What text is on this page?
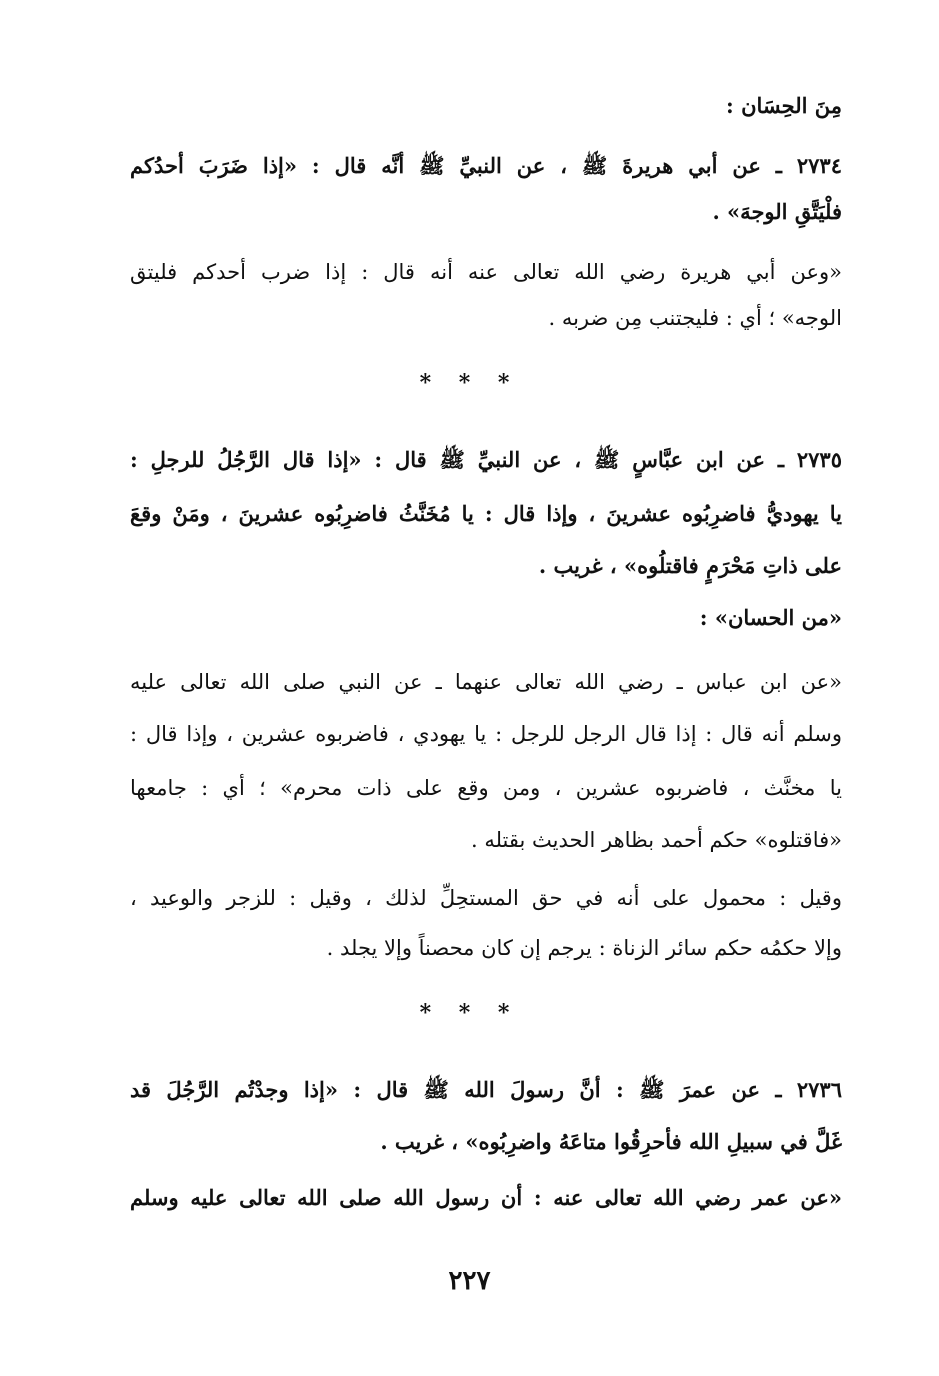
مِنَ الحِسَان :
٢٧٣٤ ـ عن أبي هريرةَ ﷺ ، عن النبيِّ ﷺ أنَّه قال : «إذا ضَرَبَ أحدُكم
فلْيَتَّقِ الوجهَ» .
«وعن أبي هريرة رضي الله تعالى عنه أنه قال : إذا ضرب أحدكم فليتق
الوجه» ؛ أي : فليجتنب مِن ضربه .
* * *
٢٧٣٥ ـ عن ابن عبَّاسٍ ﷺ ، عن النبيِّ ﷺ قال : «إذا قال الرَّجُلُ للرجلِ :
يا يهوديُّ فاضرِبُوه عشرينَ ، وإذا قال : يا مُخَنَّثُ فاضرِبُوه عشرينَ ، ومَنْ وقعَ
على ذاتِ مَحْرَمٍ فاقتلُوه» ، غريب .
«من الحسان» :
«عن ابن عباس ـ رضي الله تعالى عنهما ـ عن النبي صلى الله تعالى عليه
وسلم أنه قال : إذا قال الرجل للرجل : يا يهودي ، فاضربوه عشرين ، وإذا قال :
يا مخنَّث ، فاضربوه عشرين ، ومن وقع على ذات محرم» ؛ أي : جامعها
«فاقتلوه» حكم أحمد بظاهر الحديث بقتله .
وقيل : محمول على أنه في حق المستحِلِّ لذلك ، وقيل : للزجر والوعيد ،
وإلا حكمُه حكم سائر الزناة : يرجم إن كان محصناً وإلا يجلد .
* * *
٢٧٣٦ ـ عن عمرَ ﷺ : أنَّ رسولَ الله ﷺ قال : «إذا وجدْتُم الرَّجُلَ قد
غَلَّ في سبيلِ الله فأحرِقُوا متاعَهُ واضرِبُوه» ، غريب .
«عن عمر رضي الله تعالى عنه : أن رسول الله صلى الله تعالى عليه وسلم
٢٢٧
